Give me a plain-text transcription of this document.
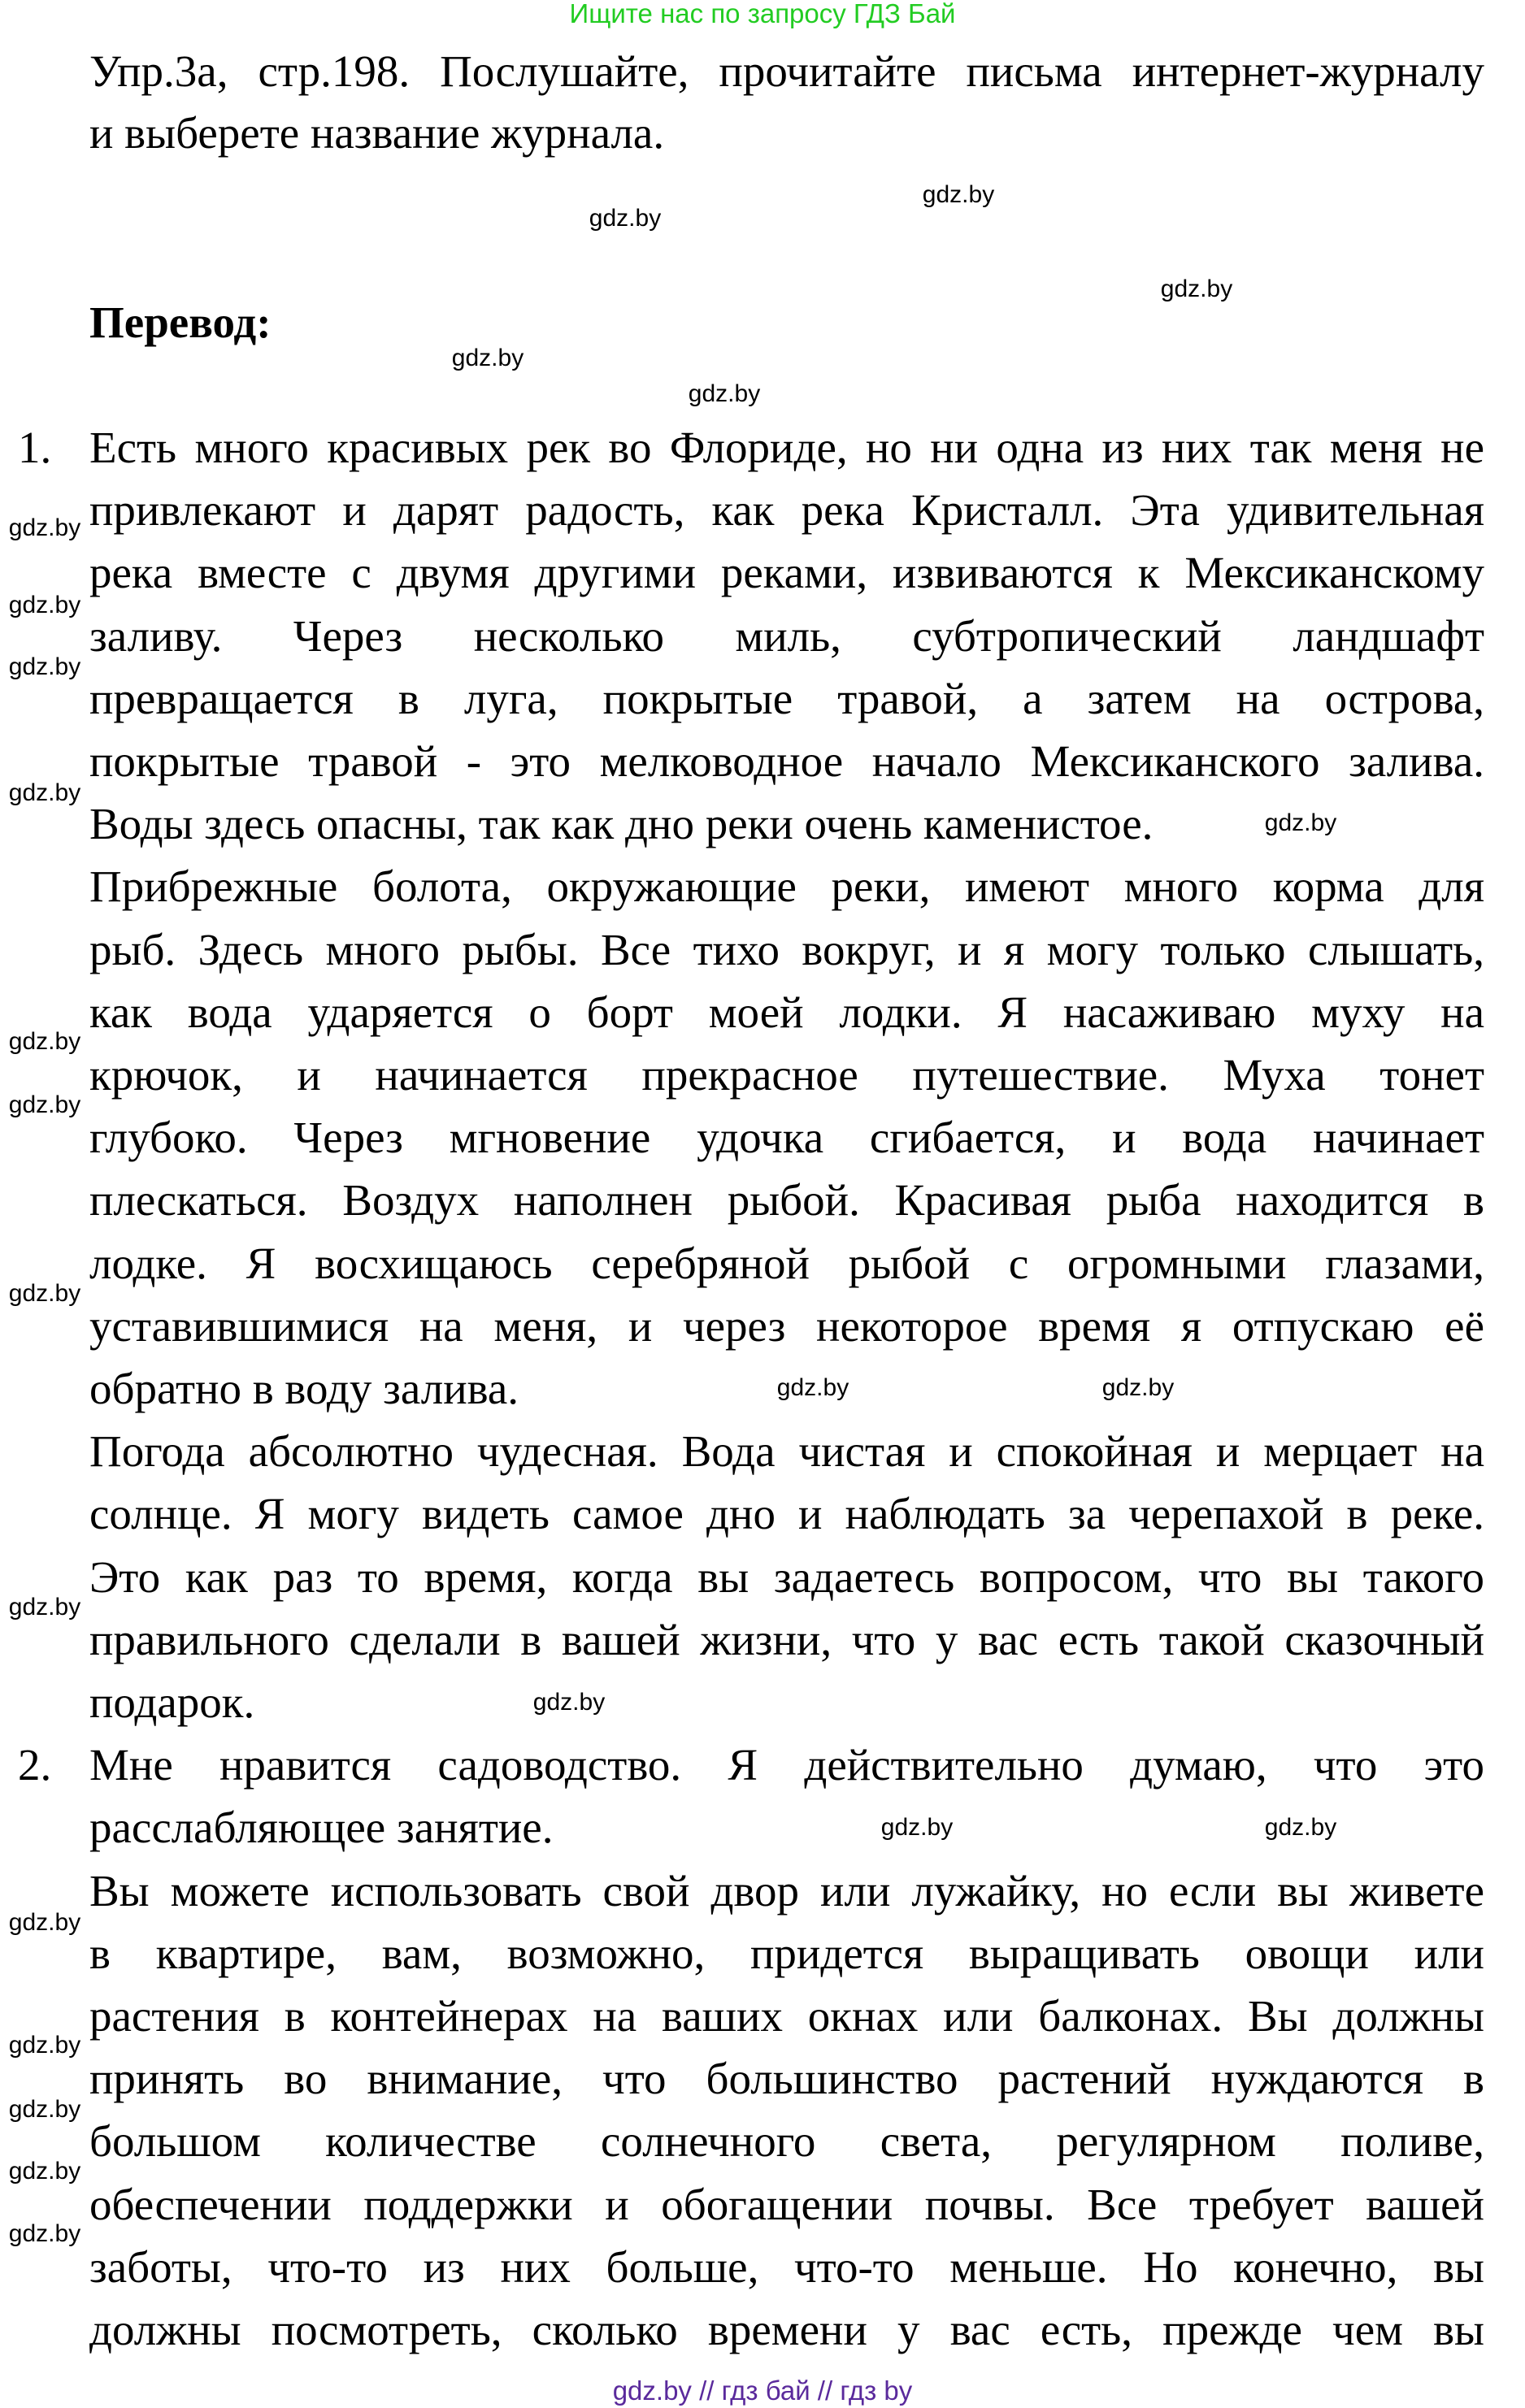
Ищите нас по запросу ГДЗ Бай
Упр.3а, стр.198. Послушайте, прочитайте письма интернет-журналу
и выберете название журнала.
Перевод:
1.
2.
Есть много красивых рек во Флориде, но ни одна из них так меня не
привлекают и дарят радость, как река Кристалл. Эта удивительная
река вместе с двумя другими реками, извиваются к Мексиканскому
заливу. Через несколько миль, субтропический ландшафт
превращается в луга, покрытые травой, а затем на острова,
покрытые травой - это мелководное начало Мексиканского залива.
Воды здесь опасны, так как дно реки очень каменистое.
Прибрежные болота, окружающие реки, имеют много корма для
рыб. Здесь много рыбы. Все тихо вокруг, и я могу только слышать,
как вода ударяется о борт моей лодки. Я насаживаю муху на
крючок, и начинается прекрасное путешествие. Муха тонет
глубоко. Через мгновение удочка сгибается, и вода начинает
плескаться. Воздух наполнен рыбой. Красивая рыба находится в
лодке. Я восхищаюсь серебряной рыбой с огромными глазами,
уставившимися на меня, и через некоторое время я отпускаю её
обратно в воду залива.
Погода абсолютно чудесная. Вода чистая и спокойная и мерцает на
солнце. Я могу видеть самое дно и наблюдать за черепахой в реке.
Это как раз то время, когда вы задаетесь вопросом, что вы такого
правильного сделали в вашей жизни, что у вас есть такой сказочный
подарок.
Мне нравится садоводство. Я действительно думаю, что это
расслабляющее занятие.
Вы можете использовать свой двор или лужайку, но если вы живете
в квартире, вам, возможно, придется выращивать овощи или
растения в контейнерах на ваших окнах или балконах. Вы должны
принять во внимание, что большинство растений нуждаются в
большом количестве солнечного света, регулярном поливе,
обеспечении поддержки и обогащении почвы. Все требует вашей
заботы, что-то из них больше, что-то меньше. Но конечно, вы
должны посмотреть, сколько времени у вас есть, прежде чем вы
gdz.by
gdz.by
gdz.by
gdz.by
gdz.by
gdz.by
gdz.by
gdz.by
gdz.by
gdz.by
gdz.by
gdz.by
gdz.by
gdz.by	gdz.by
gdz.by
gdz.by
gdz.by	gdz.by
gdz.by
gdz.by
gdz.by
gdz.by
gdz.by
gdz.by // гдз бай // гдз by
